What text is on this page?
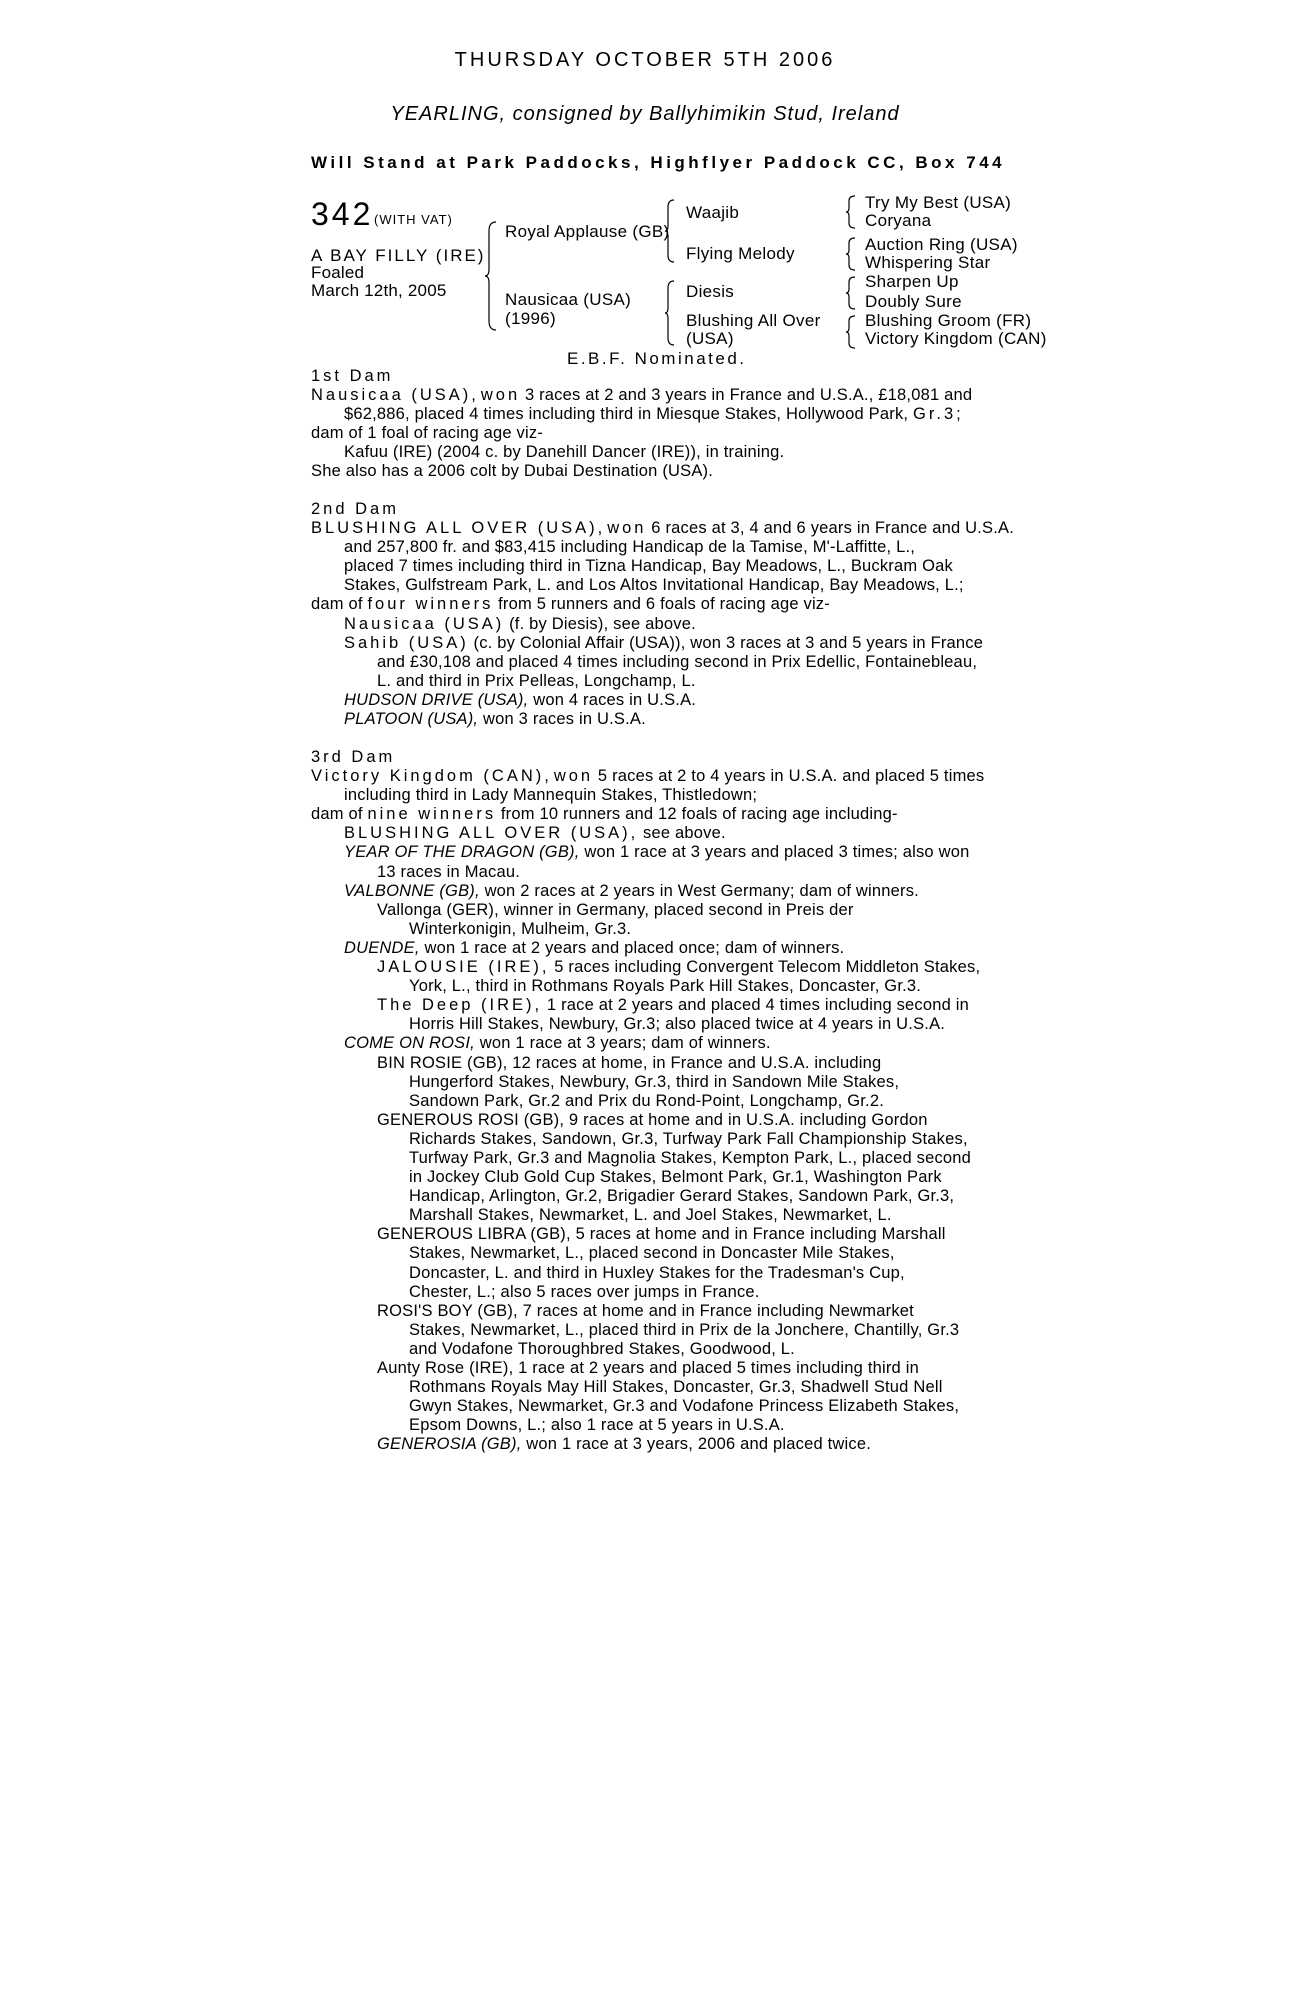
THURSDAY OCTOBER 5TH 2006
YEARLING, consigned by Ballyhimikin Stud, Ireland
Will Stand at Park Paddocks, Highflyer Paddock CC, Box 744
342 (WITH VAT)
A BAY FILLY (IRE)
Foaled
March 12th, 2005
Royal Applause (GB)
Nausicaa (USA)
(1996)
Waajib
Flying Melody
Diesis
Blushing All Over
(USA)
Try My Best (USA)
Coryana
Auction Ring (USA)
Whispering Star
Sharpen Up
Doubly Sure
Blushing Groom (FR)
Victory Kingdom (CAN)
E.B.F. Nominated.
1st Dam
Nausicaa (USA), won 3 races at 2 and 3 years in France and U.S.A., £18,081 and
$62,886, placed 4 times including third in Miesque Stakes, Hollywood Park, Gr.3;
dam of 1 foal of racing age viz-
Kafuu (IRE) (2004 c. by Danehill Dancer (IRE)), in training.
She also has a 2006 colt by Dubai Destination (USA).
2nd Dam
BLUSHING ALL OVER (USA), won 6 races at 3, 4 and 6 years in France and U.S.A.
and 257,800 fr. and $83,415 including Handicap de la Tamise, M'-Laffitte, L.,
placed 7 times including third in Tizna Handicap, Bay Meadows, L., Buckram Oak
Stakes, Gulfstream Park, L. and Los Altos Invitational Handicap, Bay Meadows, L.;
dam of four winners from 5 runners and 6 foals of racing age viz-
Nausicaa (USA) (f. by Diesis), see above.
Sahib (USA) (c. by Colonial Affair (USA)), won 3 races at 3 and 5 years in France
and £30,108 and placed 4 times including second in Prix Edellic, Fontainebleau,
L. and third in Prix Pelleas, Longchamp, L.
HUDSON DRIVE (USA), won 4 races in U.S.A.
PLATOON (USA), won 3 races in U.S.A.
3rd Dam
Victory Kingdom (CAN), won 5 races at 2 to 4 years in U.S.A. and placed 5 times
including third in Lady Mannequin Stakes, Thistledown;
dam of nine winners from 10 runners and 12 foals of racing age including-
BLUSHING ALL OVER (USA), see above.
YEAR OF THE DRAGON (GB), won 1 race at 3 years and placed 3 times; also won
13 races in Macau.
VALBONNE (GB), won 2 races at 2 years in West Germany; dam of winners.
Vallonga (GER), winner in Germany, placed second in Preis der
Winterkonigin, Mulheim, Gr.3.
DUENDE, won 1 race at 2 years and placed once; dam of winners.
JALOUSIE (IRE), 5 races including Convergent Telecom Middleton Stakes,
York, L., third in Rothmans Royals Park Hill Stakes, Doncaster, Gr.3.
The Deep (IRE), 1 race at 2 years and placed 4 times including second in
Horris Hill Stakes, Newbury, Gr.3; also placed twice at 4 years in U.S.A.
COME ON ROSI, won 1 race at 3 years; dam of winners.
BIN ROSIE (GB), 12 races at home, in France and U.S.A. including
Hungerford Stakes, Newbury, Gr.3, third in Sandown Mile Stakes,
Sandown Park, Gr.2 and Prix du Rond-Point, Longchamp, Gr.2.
GENEROUS ROSI (GB), 9 races at home and in U.S.A. including Gordon
Richards Stakes, Sandown, Gr.3, Turfway Park Fall Championship Stakes,
Turfway Park, Gr.3 and Magnolia Stakes, Kempton Park, L., placed second
in Jockey Club Gold Cup Stakes, Belmont Park, Gr.1, Washington Park
Handicap, Arlington, Gr.2, Brigadier Gerard Stakes, Sandown Park, Gr.3,
Marshall Stakes, Newmarket, L. and Joel Stakes, Newmarket, L.
GENEROUS LIBRA (GB), 5 races at home and in France including Marshall
Stakes, Newmarket, L., placed second in Doncaster Mile Stakes,
Doncaster, L. and third in Huxley Stakes for the Tradesman's Cup,
Chester, L.; also 5 races over jumps in France.
ROSI'S BOY (GB), 7 races at home and in France including Newmarket
Stakes, Newmarket, L., placed third in Prix de la Jonchere, Chantilly, Gr.3
and Vodafone Thoroughbred Stakes, Goodwood, L.
Aunty Rose (IRE), 1 race at 2 years and placed 5 times including third in
Rothmans Royals May Hill Stakes, Doncaster, Gr.3, Shadwell Stud Nell
Gwyn Stakes, Newmarket, Gr.3 and Vodafone Princess Elizabeth Stakes,
Epsom Downs, L.; also 1 race at 5 years in U.S.A.
GENEROSIA (GB), won 1 race at 3 years, 2006 and placed twice.
